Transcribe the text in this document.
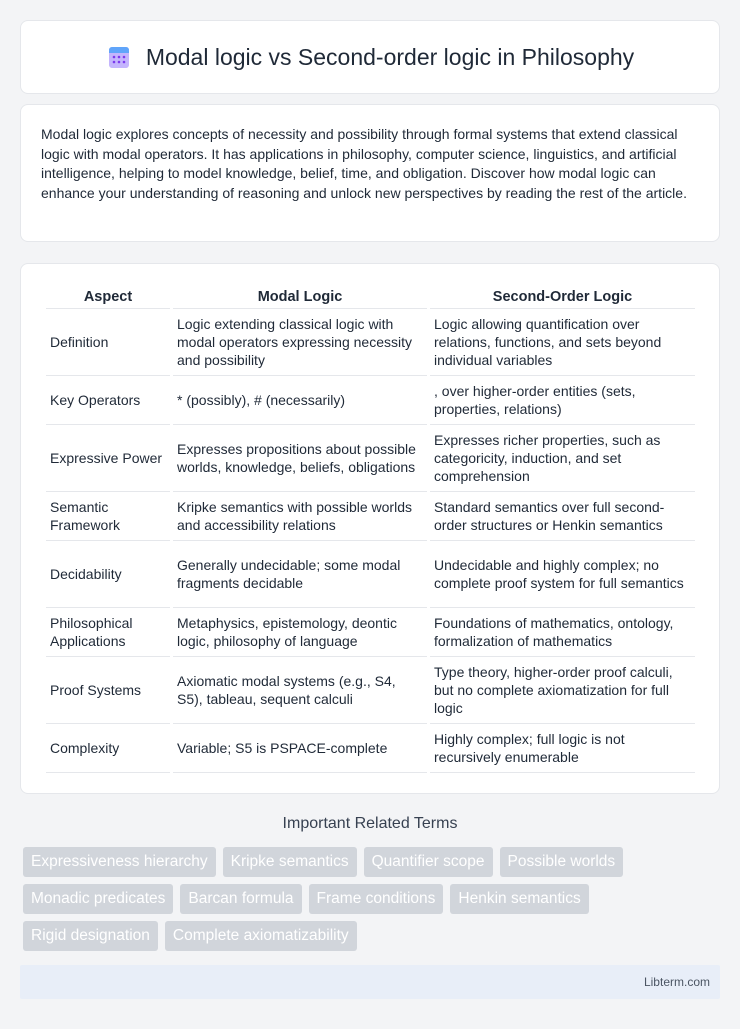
Modal logic vs Second-order logic in Philosophy

Modal logic explores concepts of necessity and possibility through formal systems that extend classical logic with modal operators. It has applications in philosophy, computer science, linguistics, and artificial intelligence, helping to model knowledge, belief, time, and obligation. Discover how modal logic can enhance your understanding of reasoning and unlock new perspectives by reading the rest of the article.

Aspect	Modal Logic	Second-Order Logic
Definition	Logic extending classical logic with modal operators expressing necessity and possibility	Logic allowing quantification over relations, functions, and sets beyond individual variables
Key Operators	* (possibly), # (necessarily)	, over higher-order entities (sets, properties, relations)
Expressive Power	Expresses propositions about possible worlds, knowledge, beliefs, obligations	Expresses richer properties, such as categoricity, induction, and set comprehension
Semantic Framework	Kripke semantics with possible worlds and accessibility relations	Standard semantics over full second-order structures or Henkin semantics
Decidability	Generally undecidable; some modal fragments decidable	Undecidable and highly complex; no complete proof system for full semantics
Philosophical Applications	Metaphysics, epistemology, deontic logic, philosophy of language	Foundations of mathematics, ontology, formalization of mathematics
Proof Systems	Axiomatic modal systems (e.g., S4, S5), tableau, sequent calculi	Type theory, higher-order proof calculi, but no complete axiomatization for full logic
Complexity	Variable; S5 is PSPACE-complete	Highly complex; full logic is not recursively enumerable
Important Related Terms
Expressiveness hierarchy	Kripke semantics	Quantifier scope	Possible worlds
Monadic predicates	Barcan formula	Frame conditions	Henkin semantics
Rigid designation	Complete axiomatizability
Libterm.com
